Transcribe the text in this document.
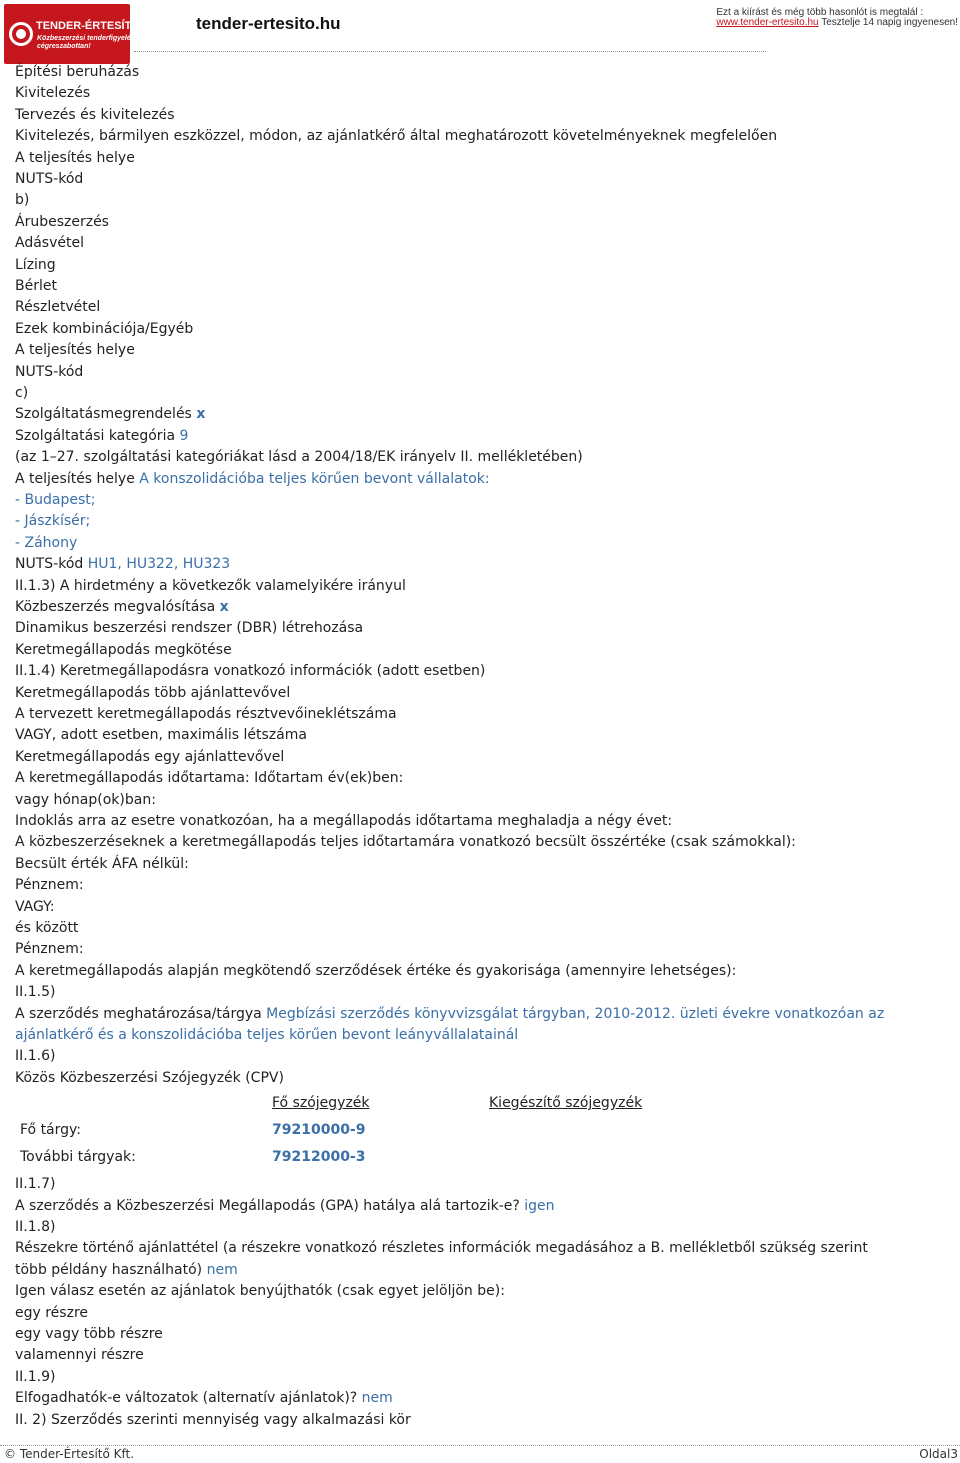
TENDER-ÉRTESÍTŐ.hu
Közbeszerzési tenderfigyelés
cégreszabottan!
tender-ertesito.hu
Ezt a kiírást és még több hasonlót is megtalál :
www.tender-ertesito.hu Tesztelje 14 napig ingyenesen!
Építési beruházás
Kivitelezés
Tervezés és kivitelezés
Kivitelezés, bármilyen eszközzel, módon, az ajánlatkérő által meghatározott követelményeknek megfelelően
A teljesítés helye
NUTS-kód
b)
Árubeszerzés
Adásvétel
Lízing
Bérlet
Részletvétel
Ezek kombinációja/Egyéb
A teljesítés helye
NUTS-kód
c)
Szolgáltatásmegrendelés x
Szolgáltatási kategória 9
(az 1–27. szolgáltatási kategóriákat lásd a 2004/18/EK irányelv II. mellékletében)
A teljesítés helye A konszolidációba teljes körűen bevont vállalatok:
- Budapest;
- Jászkísér;
- Záhony
NUTS-kód HU1, HU322, HU323
II.1.3) A hirdetmény a következők valamelyikére irányul
Közbeszerzés megvalósítása x
Dinamikus beszerzési rendszer (DBR) létrehozása
Keretmegállapodás megkötése
II.1.4) Keretmegállapodásra vonatkozó információk (adott esetben)
Keretmegállapodás több ajánlattevővel
A tervezett keretmegállapodás résztvevőineklétszáma
VAGY, adott esetben, maximális létszáma
Keretmegállapodás egy ajánlattevővel
A keretmegállapodás időtartama: Időtartam év(ek)ben:
vagy hónap(ok)ban:
Indoklás arra az esetre vonatkozóan, ha a megállapodás időtartama meghaladja a négy évet:
A közbeszerzéseknek a keretmegállapodás teljes időtartamára vonatkozó becsült összértéke (csak számokkal):
Becsült érték ÁFA nélkül:
Pénznem:
VAGY:
és között
Pénznem:
A keretmegállapodás alapján megkötendő szerződések értéke és gyakorisága (amennyire lehetséges):
II.1.5)
A szerződés meghatározása/tárgya Megbízási szerződés könyvvizsgálat tárgyban, 2010-2012. üzleti évekre vonatkozóan az
ajánlatkérő és a konszolidációba teljes körűen bevont leányvállalatainál
II.1.6)
Közös Közbeszerzési Szójegyzék (CPV)
Fő szójegyzék	Kiegészítő szójegyzék
Fő tárgy:	79210000-9
További tárgyak:	79212000-3
II.1.7)
A szerződés a Közbeszerzési Megállapodás (GPA) hatálya alá tartozik-e? igen
II.1.8)
Részekre történő ajánlattétel (a részekre vonatkozó részletes információk megadásához a B. mellékletből szükség szerint
több példány használható) nem
Igen válasz esetén az ajánlatok benyújthatók (csak egyet jelöljön be):
egy részre
egy vagy több részre
valamennyi részre
II.1.9)
Elfogadhatók-e változatok (alternatív ajánlatok)? nem
II. 2) Szerződés szerinti mennyiség vagy alkalmazási kör
© Tender-Értesítő Kft.	Oldal3
